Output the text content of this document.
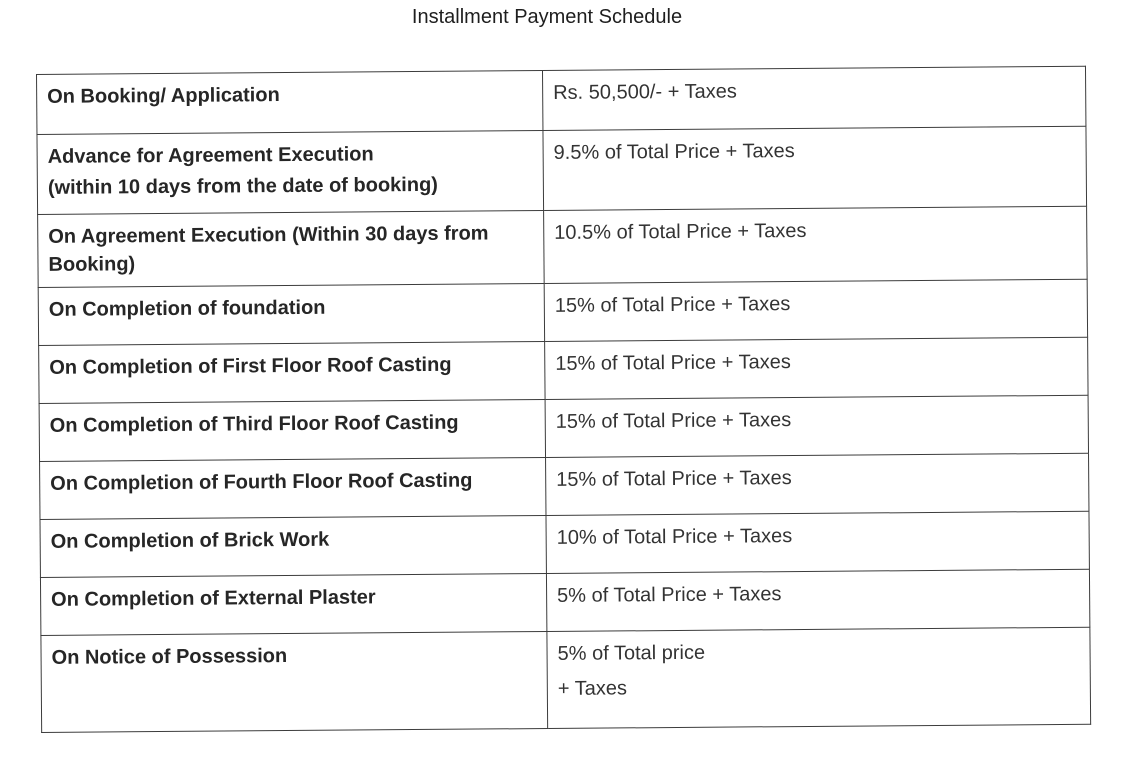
Installment Payment Schedule
On Booking/ Application	Rs. 50,500/- + Taxes

Advance for Agreement Execution
(within 10 days from the date of booking)	9.5% of Total Price + Taxes

On Agreement Execution (Within 30 days from
Booking)	10.5% of Total Price + Taxes

On Completion of foundation	15% of Total Price + Taxes

On Completion of First Floor Roof Casting	15% of Total Price + Taxes

On Completion of Third Floor Roof Casting	15% of Total Price + Taxes

On Completion of Fourth Floor Roof Casting	15% of Total Price + Taxes

On Completion of Brick Work	10% of Total Price + Taxes

On Completion of External Plaster	5% of Total Price + Taxes

On Notice of Possession	5% of Total price
+ Taxes
